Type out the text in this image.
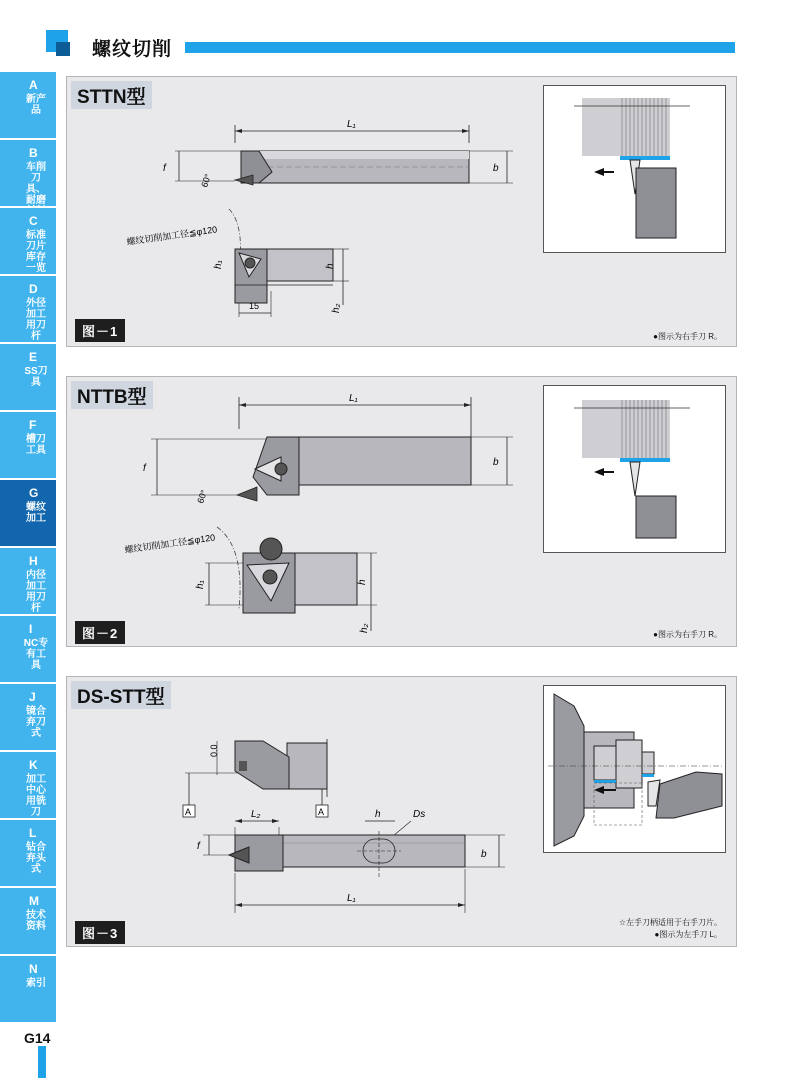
螺纹切削
A
新产品
B
车削刀具、耐磨
C
标准刀片库存一览
D
外径加工用刀杆
E
SS刀具
F
槽刀工具
G
螺纹加工
H
内径加工用刀杆
I
NC专有工具
J
镜合弃刀式
K
加工中心用铣刀
L
钻合弃头式
M
技术资料
N
索引
L₁
f
60°
b
螺纹切削加工径≦φ120
h₁	h
h₂
15
STTN型
图－1	●图示为右手刀 R。
L₁
f
60°
b
螺纹切削加工径≦φ120
h₁	h
h₂
NTTB型
图－2	●图示为右手刀 R。
0.0
A	A
L₂	h	Ds
f
b
L₁
DS-STT型
图－3
☆左手刀柄适用于右手刀片。
●图示为左手刀 L。
G14
